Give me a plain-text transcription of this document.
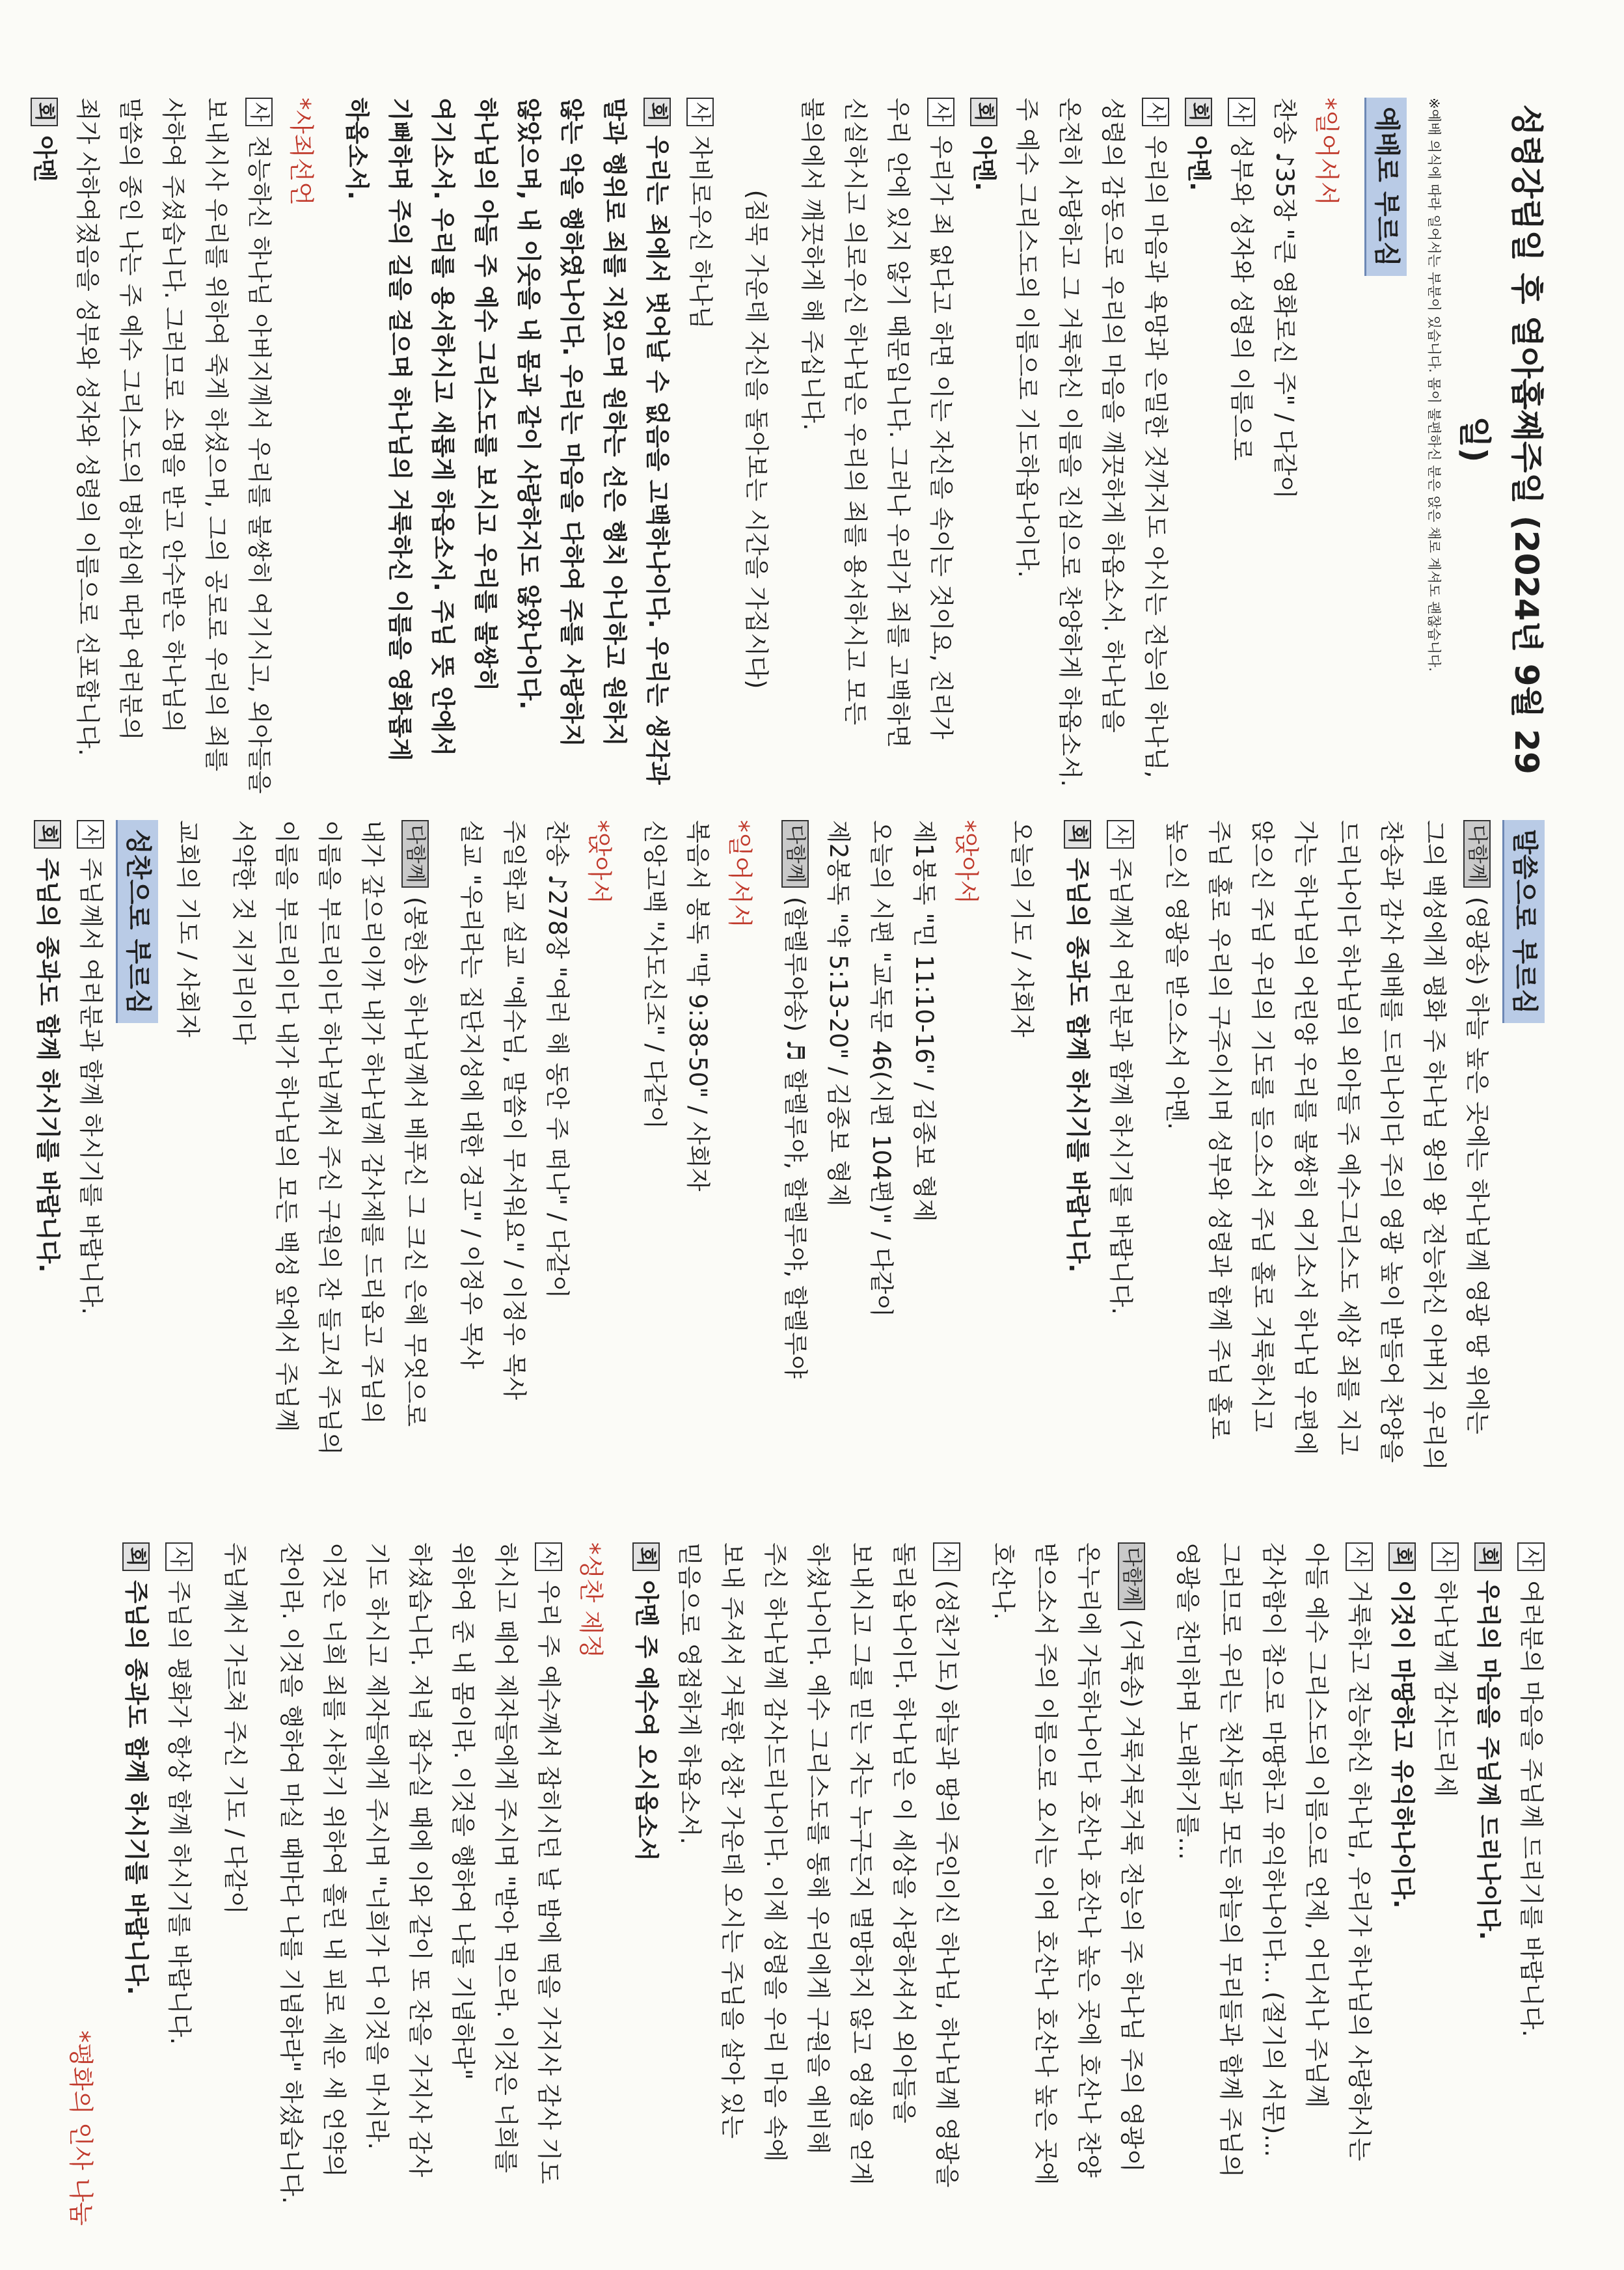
성령강림일 후 열아홉째주일 (2024년 9월 29일)
※예배 의식에 따라 일어서는 부분이 있습니다. 몸이 불편하신 분은 앉은 채로 계셔도 괜찮습니다.
예배로 부르심
*일어서서
찬송 ♪35장 "큰 영화로신 주" / 다같이
사성부와 성자와 성령의 이름으로
회아멘.
사우리의 마음과 욕망과 은밀한 것까지도 아시는 전능의 하나님,
성령의 감동으로 우리의 마음을 깨끗하게 하옵소서. 하나님을
온전히 사랑하고 그 거룩하신 이름을 진심으로 찬양하게 하옵소서.
주 예수 그리스도의 이름으로 기도하옵나이다.
회아멘.
사우리가 죄 없다고 하면 이는 자신을 속이는 것이요, 진리가
우리 안에 있지 않기 때문입니다. 그러나 우리가 죄를 고백하면
신실하시고 의로우신 하나님은 우리의 죄를 용서하시고 모든
불의에서 깨끗하게 해 주십니다.
(침묵 가운데 자신을 돌아보는 시간을 가집시다)
사자비로우신 하나님
회우리는 죄에서 벗어날 수 없음을 고백하나이다. 우리는 생각과
말과 행위로 죄를 지었으며 원하는 선은 행치 아니하고 원하지
않는 악을 행하였나이다. 우리는 마음을 다하여 주를 사랑하지
않았으며, 내 이웃을 내 몸과 같이 사랑하지도 않았나이다.
하나님의 아들 주 예수 그리스도를 보시고 우리를 불쌍히
여기소서. 우리를 용서하시고 새롭게 하옵소서. 주님 뜻 안에서
기뻐하며 주의 길을 걸으며 하나님의 거룩하신 이름을 영화롭게
하옵소서.
*사죄선언
사전능하신 하나님 아버지께서 우리를 불쌍히 여기시고, 외아들을
보내시사 우리를 위하여 죽게 하셨으며, 그의 공로로 우리의 죄를
사하여 주셨습니다. 그러므로 소명을 받고 안수받은 하나님의
말씀의 종인 나는 주 예수 그리스도의 명하심에 따라 여러분의
죄가 사하여졌음을 성부와 성자와 성령의 이름으로 선포합니다.
회아멘
말씀으로 부르심
다함께(영광송) 하늘 높은 곳에는 하나님께 영광 땅 위에는
그의 백성에게 평화 주 하나님 왕의 왕 전능하신 아버지 우리의
찬송과 감사 예배를 드리나이다 주의 영광 높이 받들어 찬양을
드리나이다 하나님의 외아들 주 예수그리스도 세상 죄를 지고
가는 하나님의 어린양 우리를 불쌍히 여기소서 하나님 우편에
앉으신 주님 우리의 기도를 들으소서 주님 홀로 거룩하시고
주님 홀로 우리의 구주이시며 성부와 성령과 함께 주님 홀로
높으신 영광을 받으소서 아멘.
사주님께서 여러분과 함께 하시기를 바랍니다.
회주님의 종과도 함께 하시기를 바랍니다.
오늘의 기도 / 사회자
*앉아서
제1봉독 "민 11:10-16" / 김종보 형제
오늘의 시편 "교독문 46(시편 104편)" / 다같이
제2봉독 "약 5:13-20" / 김종보 형제
다함께(할렐루야송) ♬ 할렐루야, 할렐루야, 할렐루야
*일어서서
복음서 봉독 "막 9:38-50" / 사회자
신앙고백 "사도신조" / 다같이
*앉아서
찬송 ♪278장 "여러 해 동안 주 떠나" / 다같이
주일학교 설교 "예수님, 말씀이 무서워요" / 이정우 목사
설교 "우리라는 집단지성에 대한 경고" / 이정우 목사
다함께(봉헌송) 하나님께서 베푸신 그 크신 은혜 무엇으로
내가 갚으리이까 내가 하나님께 감사제를 드리옵고 주님의
이름을 부르리이다 하나님께서 주신 구원의 잔 들고서 주님의
이름을 부르리이다 내가 하나님의 모든 백성 앞에서 주님께
서약한 것 지키리이다
교회의 기도 / 사회자
성찬으로 부르심
사주님께서 여러분과 함께 하시기를 바랍니다.
회주님의 종과도 함께 하시기를 바랍니다.
사여러분의 마음을 주님께 드리기를 바랍니다.
회우리의 마음을 주님께 드리나이다.
사하나님께 감사드리세
회이것이 마땅하고 유익하나이다.
사거룩하고 전능하신 하나님, 우리가 하나님의 사랑하시는
아들 예수 그리스도의 이름으로 언제, 어디서나 주님께
감사함이 참으로 마땅하고 유익하나이다... (절기의 서문)...
그러므로 우리는 천사들과 모든 하늘의 무리들과 함께 주님의
영광을 찬미하며 노래하기를...
다함께(거룩송) 거룩거룩거룩 전능의 주 하나님 주의 영광이
온누리에 가득하나이다 호산나 호산나 높은 곳에 호산나 찬양
받으소서 주의 이름으로 오시는 이여 호산나 호산나 높은 곳에
호산나.
사(성찬기도) 하늘과 땅의 주인이신 하나님, 하나님께 영광을
돌리옵나이다. 하나님은 이 세상을 사랑하셔서 외아들을
보내시고 그를 믿는 자는 누구든지 멸망하지 않고 영생을 얻게
하셨나이다. 예수 그리스도를 통해 우리에게 구원을 예비해
주신 하나님께 감사드리나이다. 이제 성령을 우리 마음 속에
보내 주셔서 거룩한 성찬 가운데 오시는 주님을 살아 있는
믿음으로 영접하게 하옵소서.
회아멘 주 예수여 오시옵소서
*성찬 제정
사우리 주 예수께서 잡히시던 날 밤에 떡을 가지사 감사 기도
하시고 떼어 제자들에게 주시며 "받아 먹으라. 이것은 너희를
위하여 준 내 몸이라. 이것을 행하여 나를 기념하라"
하셨습니다. 저녁 잡수실 때에 이와 같이 또 잔을 가지사 감사
기도 하시고 제자들에게 주시며 "너희가 다 이것을 마시라.
이것은 너희 죄를 사하기 위하여 흘린 내 피로 세운 새 언약의
잔이라. 이것을 행하여 마실 때마다 나를 기념하라" 하셨습니다.
주님께서 가르쳐 주신 기도 / 다같이
사주님의 평화가 항상 함께 하시기를 바랍니다.
회주님의 종과도 함께 하시기를 바랍니다.
*평화의 인사 나눔
